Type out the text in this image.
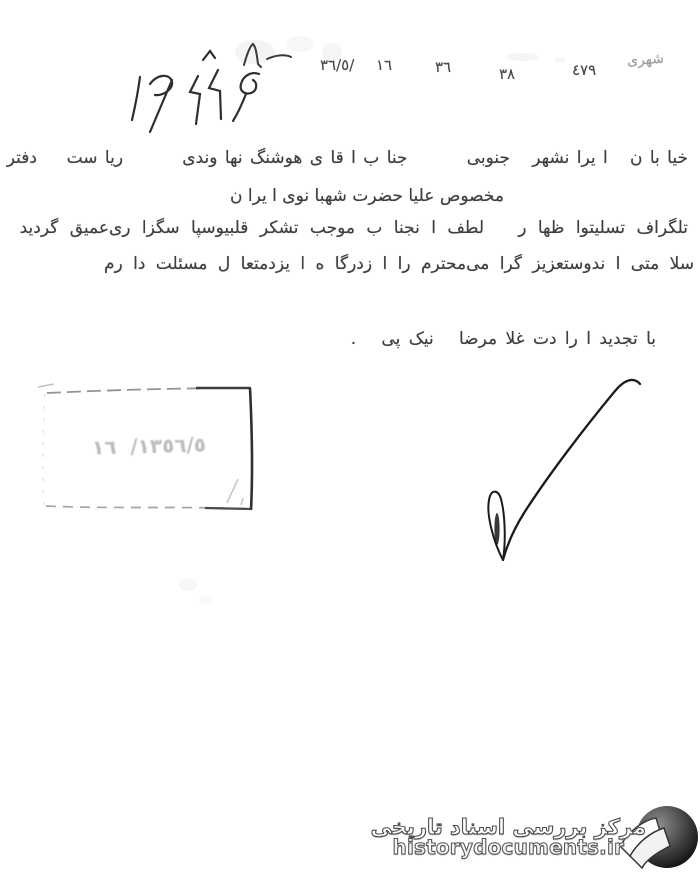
شهری
٤٧٩
٣٨
٣٦
١٦
٣٦/٥/
خیا با ن   ا یرا نشهر   جنوبی        جنا ب ا قا ی هوشنگ نها وندی        ریا ست    دفتر
مخصوص علیا حضرت شهبا نوی ا یرا ن
تلگراف تسلیتوا ظها ر   لطف ا نجنا ب موجب تشکر قلبیوسپا سگزا ری‌عمیق گردید
سلا متی ا ندوستعزیز گرا می‌محترم را ا زدرگا ه ا یزدمتعا ل مسئلت دا رم
با تجدید ا را دت غلا مرضا   نیک پی   .
١٣٥٦/٥/  ١٦
مرکز بررسی اسناد تاریخی
historydocuments.ir
